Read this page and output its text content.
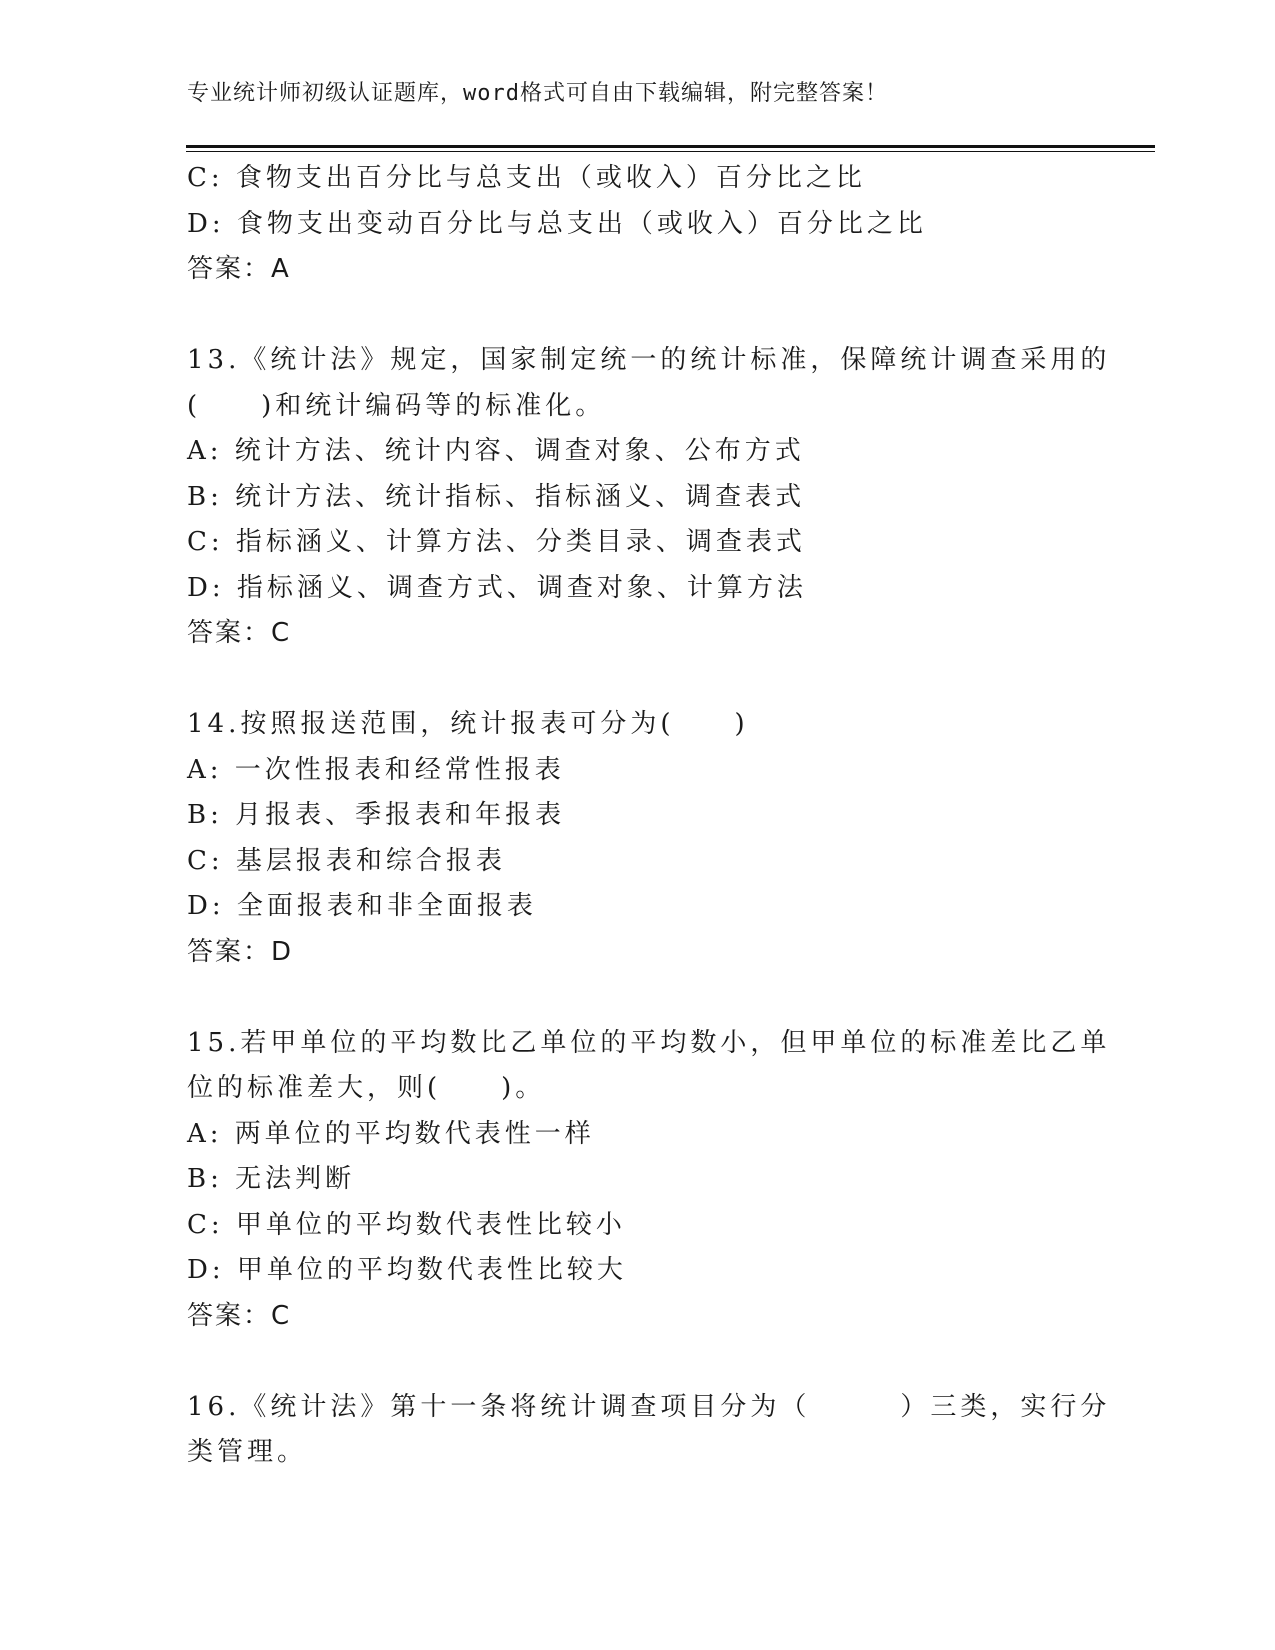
专业统计师初级认证题库，word格式可自由下载编辑，附完整答案！
C: 食物支出百分比与总支出（或收入）百分比之比
D: 食物支出变动百分比与总支出（或收入）百分比之比
答案：A
13.《统计法》规定，国家制定统一的统计标准，保障统计调查采用的
(　　)和统计编码等的标准化。
A: 统计方法、统计内容、调查对象、公布方式
B: 统计方法、统计指标、指标涵义、调查表式
C: 指标涵义、计算方法、分类目录、调查表式
D: 指标涵义、调查方式、调查对象、计算方法
答案：C
14.按照报送范围，统计报表可分为(　　)
A: 一次性报表和经常性报表
B: 月报表、季报表和年报表
C: 基层报表和综合报表
D: 全面报表和非全面报表
答案：D
15.若甲单位的平均数比乙单位的平均数小，但甲单位的标准差比乙单
位的标准差大，则(　　)。
A: 两单位的平均数代表性一样
B: 无法判断
C: 甲单位的平均数代表性比较小
D: 甲单位的平均数代表性比较大
答案：C
16.《统计法》第十一条将统计调查项目分为（　　　）三类，实行分
类管理。
